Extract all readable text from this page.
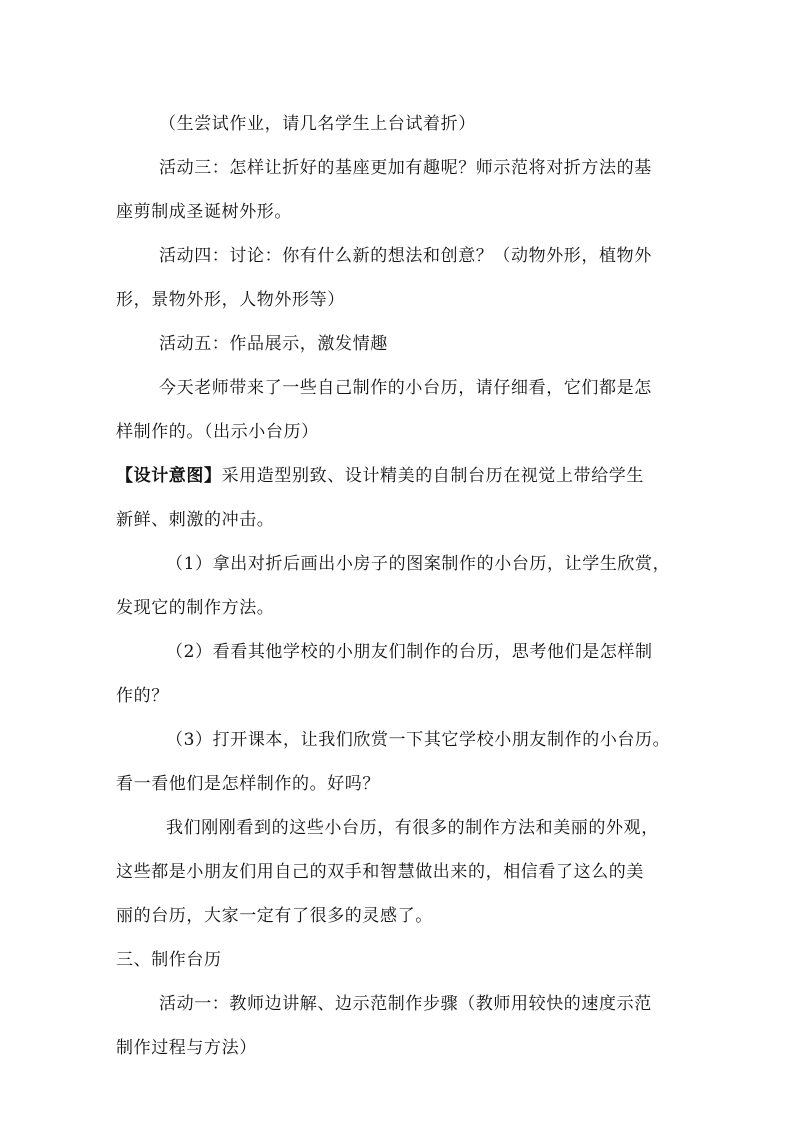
（生尝试作业，请几名学生上台试着折）
活动三：怎样让折好的基座更加有趣呢？师示范将对折方法的基
座剪制成圣诞树外形。
活动四：讨论：你有什么新的想法和创意？（动物外形，植物外
形，景物外形，人物外形等）
活动五：作品展示，激发情趣
今天老师带来了一些自己制作的小台历，请仔细看，它们都是怎
样制作的。（出示小台历）
【设计意图】采用造型别致、设计精美的自制台历在视觉上带给学生
新鲜、刺激的冲击。
（1）拿出对折后画出小房子的图案制作的小台历，让学生欣赏，
发现它的制作方法。
（2）看看其他学校的小朋友们制作的台历，思考他们是怎样制
作的？
（3）打开课本，让我们欣赏一下其它学校小朋友制作的小台历。
看一看他们是怎样制作的。好吗？
我们刚刚看到的这些小台历，有很多的制作方法和美丽的外观，
这些都是小朋友们用自己的双手和智慧做出来的，相信看了这么的美
丽的台历，大家一定有了很多的灵感了。
三、制作台历
活动一：教师边讲解、边示范制作步骤（教师用较快的速度示范
制作过程与方法）
